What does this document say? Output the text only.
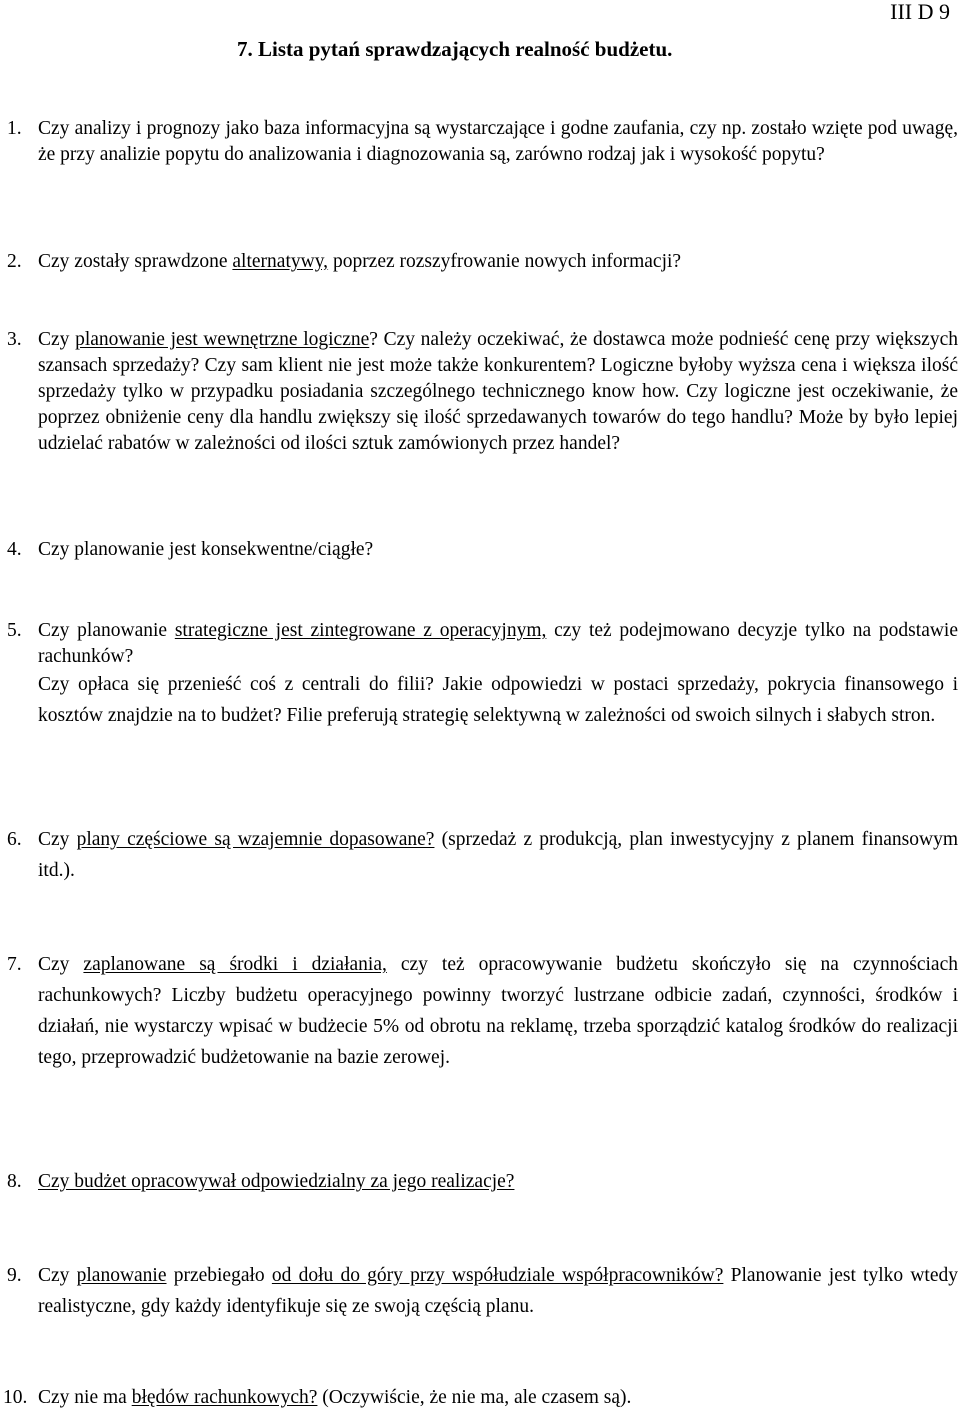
III D 9
7. Lista pytań sprawdzających realność budżetu.
1. Czy analizy i prognozy jako baza informacyjna są wystarczające i godne zaufania, czy np. zostało wzięte pod uwagę, że przy analizie popytu do analizowania i diagnozowania są, zarówno rodzaj jak i wysokość popytu?
2. Czy zostały sprawdzone alternatywy, poprzez rozszyfrowanie nowych informacji?
3. Czy planowanie jest wewnętrzne logiczne? Czy należy oczekiwać, że dostawca może podnieść cenę przy większych szansach sprzedaży? Czy sam klient nie jest może także konkurentem? Logiczne byłoby wyższa cena i większa ilość sprzedaży tylko w przypadku posiadania szczególnego technicznego know how. Czy logiczne jest oczekiwanie, że poprzez obniżenie ceny dla handlu zwiększy się ilość sprzedawanych towarów do tego handlu? Może by było lepiej udzielać rabatów w zależności od ilości sztuk zamówionych przez handel?
4. Czy planowanie jest konsekwentne/ciągłe?
5. Czy planowanie strategiczne jest zintegrowane z operacyjnym, czy też podejmowano decyzje tylko na podstawie rachunków?
Czy opłaca się przenieść coś z centrali do filii? Jakie odpowiedzi w postaci sprzedaży, pokrycia finansowego i kosztów znajdzie na to budżet? Filie preferują strategię selektywną w zależności od swoich silnych i słabych stron.
6. Czy plany częściowe są wzajemnie dopasowane? (sprzedaż z produkcją, plan inwestycyjny z planem finansowym itd.).
7. Czy zaplanowane są środki i działania, czy też opracowywanie budżetu skończyło się na czynnościach rachunkowych? Liczby budżetu operacyjnego powinny tworzyć lustrzane odbicie zadań, czynności, środków i działań, nie wystarczy wpisać w budżecie 5% od obrotu na reklamę, trzeba sporządzić katalog środków do realizacji tego, przeprowadzić budżetowanie na bazie zerowej.
8. Czy budżet opracowywał odpowiedzialny za jego realizacje?
9. Czy planowanie przebiegało od dołu do góry przy współudziale współpracowników? Planowanie jest tylko wtedy realistyczne, gdy każdy identyfikuje się ze swoją częścią planu.
10. Czy nie ma błędów rachunkowych? (Oczywiście, że nie ma, ale czasem są).
